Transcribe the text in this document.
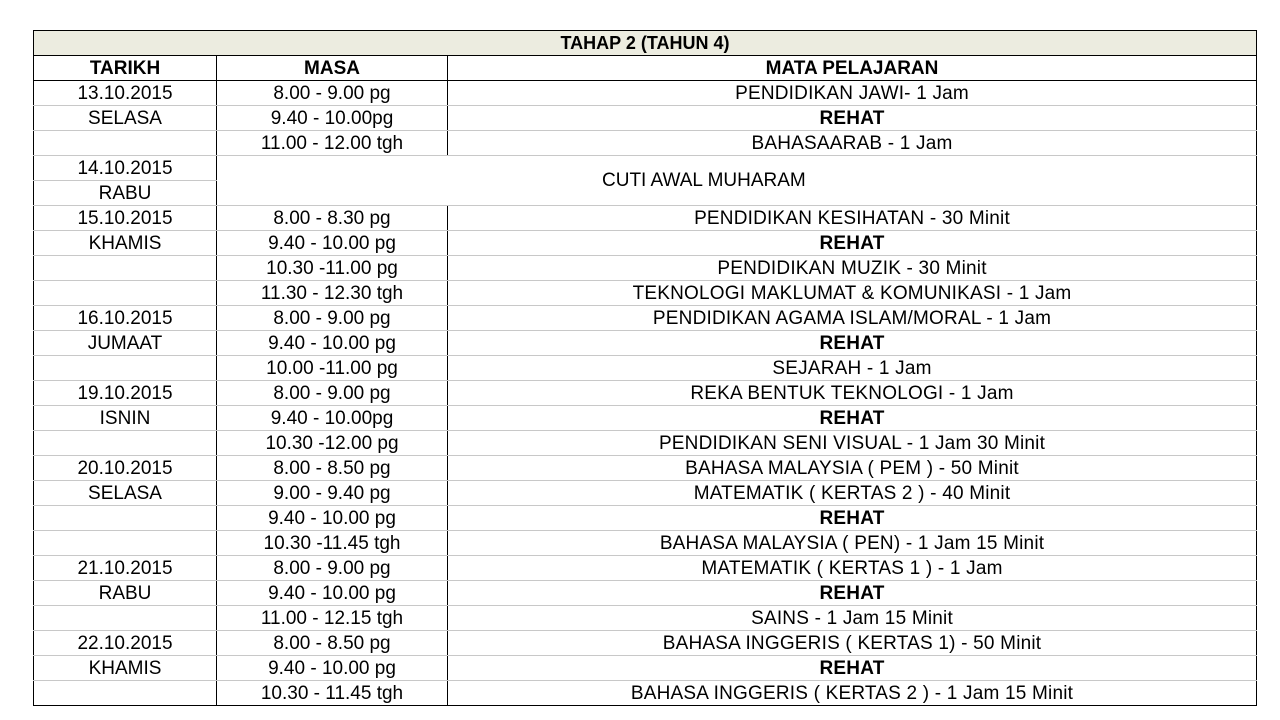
TAHAP 2 (TAHUN 4)		
TARIKH	MASA	MATA PELAJARAN
13.10.2015	8.00 - 9.00 pg	PENDIDIKAN JAWI- 1 Jam
SELASA	9.40 - 10.00pg	REHAT
	11.00 - 12.00 tgh	BAHASAARAB - 1 Jam
14.10.2015	CUTI AWAL MUHARAM	
RABU		
15.10.2015	8.00 - 8.30 pg	PENDIDIKAN KESIHATAN - 30 Minit
KHAMIS	9.40 - 10.00 pg	REHAT
	10.30 -11.00 pg	PENDIDIKAN MUZIK - 30 Minit
	11.30 - 12.30 tgh	TEKNOLOGI MAKLUMAT & KOMUNIKASI - 1 Jam
16.10.2015	8.00 - 9.00 pg	PENDIDIKAN AGAMA ISLAM/MORAL - 1 Jam
JUMAAT	9.40 - 10.00 pg	REHAT
	10.00 -11.00 pg	SEJARAH - 1 Jam
19.10.2015	8.00 - 9.00 pg	REKA BENTUK TEKNOLOGI - 1 Jam
ISNIN	9.40 - 10.00pg	REHAT
	10.30 -12.00 pg	PENDIDIKAN SENI VISUAL - 1 Jam 30 Minit
20.10.2015	8.00 - 8.50 pg	BAHASA MALAYSIA ( PEM ) - 50 Minit
SELASA	9.00 - 9.40 pg	MATEMATIK ( KERTAS 2 ) - 40 Minit
	9.40 - 10.00 pg	REHAT
	10.30 -11.45 tgh	BAHASA MALAYSIA ( PEN) - 1 Jam 15 Minit
21.10.2015	8.00 - 9.00 pg	MATEMATIK ( KERTAS 1 ) - 1 Jam
RABU	9.40 - 10.00 pg	REHAT
	11.00 - 12.15 tgh	SAINS - 1 Jam 15 Minit
22.10.2015	8.00 - 8.50 pg	BAHASA INGGERIS ( KERTAS 1) - 50 Minit
KHAMIS	9.40 - 10.00 pg	REHAT
	10.30 - 11.45 tgh	BAHASA INGGERIS ( KERTAS 2 ) - 1 Jam 15 Minit
